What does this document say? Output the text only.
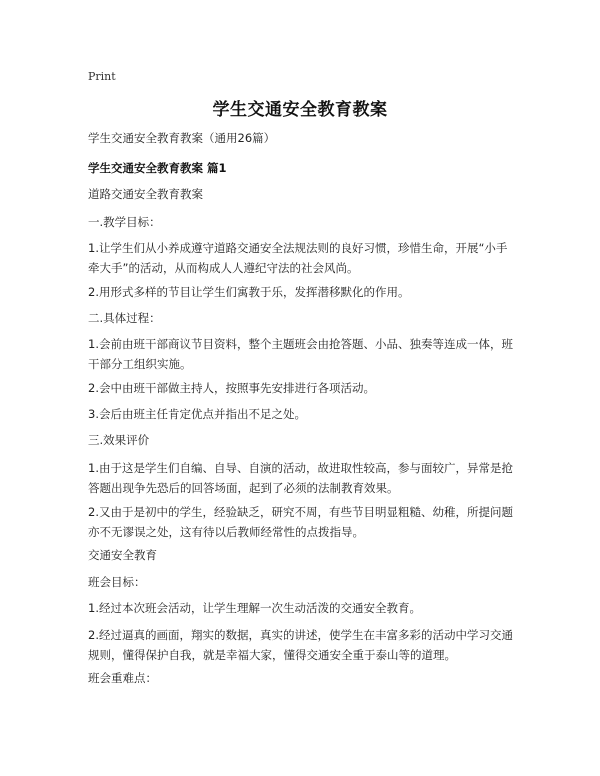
Print
学生交通安全教育教案
学生交通安全教育教案（通用26篇）
学生交通安全教育教案 篇1
道路交通安全教育教案
一.教学目标：
1.让学生们从小养成遵守道路交通安全法规法则的良好习惯，珍惜生命，开展“小手牵大手”的活动，从而构成人人遵纪守法的社会风尚。
2.用形式多样的节目让学生们寓教于乐，发挥潜移默化的作用。
二.具体过程：
1.会前由班干部商议节目资料，整个主题班会由抢答题、小品、独奏等连成一体，班干部分工组织实施。
2.会中由班干部做主持人，按照事先安排进行各项活动。
3.会后由班主任肯定优点并指出不足之处。
三.效果评价
1.由于这是学生们自编、自导、自演的活动，故进取性较高，参与面较广，异常是抢答题出现争先恐后的回答场面，起到了必须的法制教育效果。
2.又由于是初中的学生，经验缺乏，研究不周，有些节目明显粗糙、幼稚，所提问题亦不无谬误之处，这有待以后教师经常性的点拨指导。
交通安全教育
班会目标：
1.经过本次班会活动，让学生理解一次生动活泼的交通安全教育。
2.经过逼真的画面，翔实的数据，真实的讲述，使学生在丰富多彩的活动中学习交通规则，懂得保护自我，就是幸福大家，懂得交通安全重于泰山等的道理。
班会重难点：
